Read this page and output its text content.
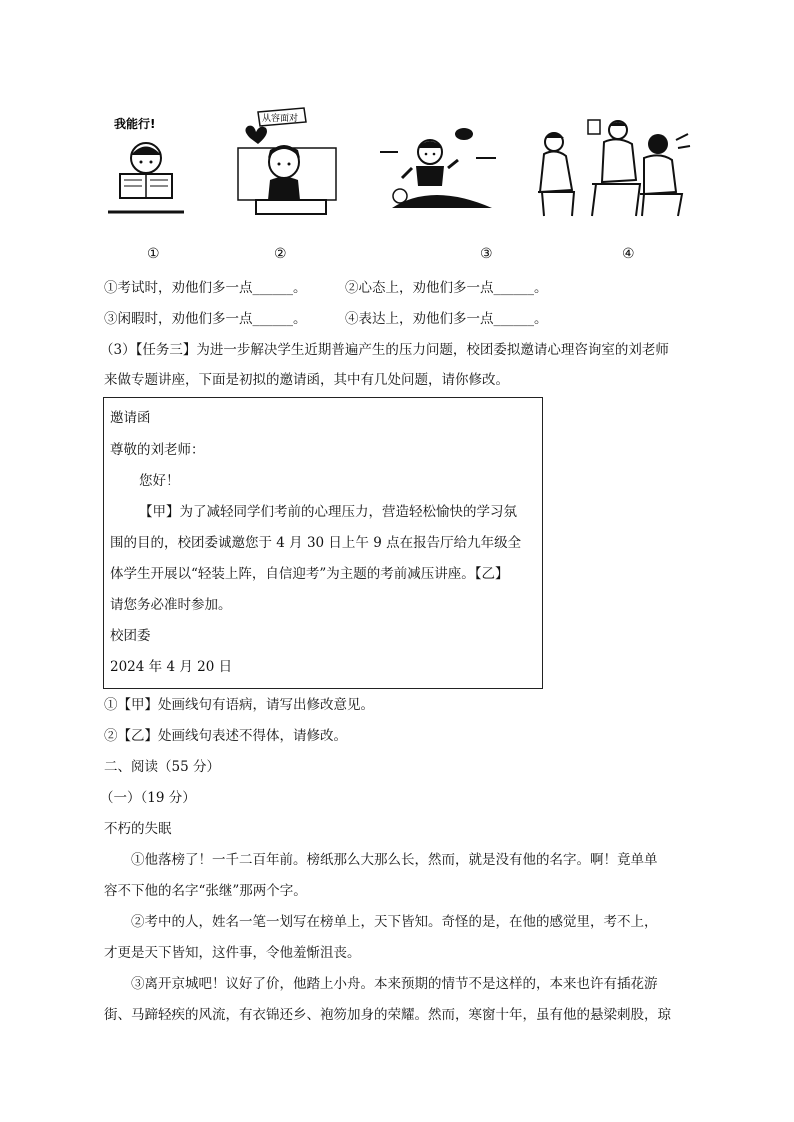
我能行!	从容面对
①	②	③	④
①考试时，劝他们多一点______。	②心态上，劝他们多一点______。
③闲暇时，劝他们多一点______。	④表达上，劝他们多一点______。
（3）【任务三】为进一步解决学生近期普遍产生的压力问题，校团委拟邀请心理咨询室的刘老师
来做专题讲座，下面是初拟的邀请函，其中有几处问题，请你修改。
邀请函
尊敬的刘老师：
您好！
【甲】为了减轻同学们考前的心理压力，营造轻松愉快的学习氛
围的目的，校团委诚邀您于 4 月 30 日上午 9 点在报告厅给九年级全
体学生开展以“轻装上阵，自信迎考”为主题的考前减压讲座。【乙】
请您务必准时参加。
校团委
2024 年 4 月 20 日
①【甲】处画线句有语病，请写出修改意见。
②【乙】处画线句表述不得体，请修改。
二、阅读（55 分）
（一）（19 分）
不朽的失眠
①他落榜了！一千二百年前。榜纸那么大那么长，然而，就是没有他的名字。啊！竟单单
容不下他的名字“张继”那两个字。
②考中的人，姓名一笔一划写在榜单上，天下皆知。奇怪的是，在他的感觉里，考不上，
才更是天下皆知，这件事，令他羞惭沮丧。
③离开京城吧！议好了价，他踏上小舟。本来预期的情节不是这样的，本来也许有插花游
街、马蹄轻疾的风流，有衣锦还乡、袍笏加身的荣耀。然而，寒窗十年，虽有他的悬梁刺股，琼
